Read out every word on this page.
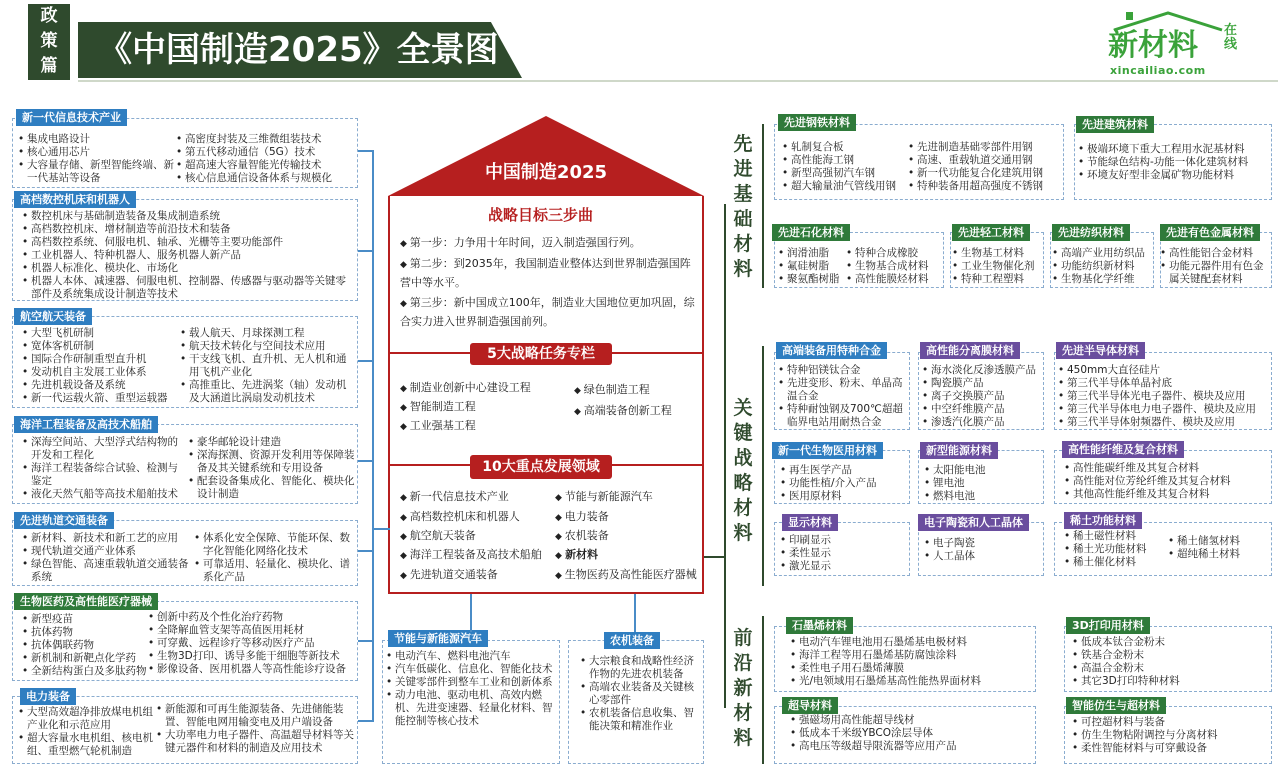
政
策
篇	《中国制造2025》全景图	新材料 在线
xincailiao.com
新一代信息技术产业
• 集成电路设计
• 核心通用芯片
• 大容量存储、新型智能终端、新一代基站等设备
• 高密度封装及三维微组装技术
• 第五代移动通信（5G）技术
• 超高速大容量智能光传输技术
• 核心信息通信设备体系与规模化
高档数控机床和机器人
• 数控机床与基础制造装备及集成制造系统
• 高档数控机床、增材制造等前沿技术和装备
• 高档数控系统、伺服电机、轴承、光栅等主要功能部件
• 工业机器人、特种机器人、服务机器人新产品
• 机器人标准化、模块化、市场化
• 机器人本体、减速器、伺服电机、控制器、传感器与驱动器等关键零部件及系统集成设计制造等技术
航空航天装备
• 大型飞机研制
• 宽体客机研制
• 国际合作研制重型直升机
• 发动机自主发展工业体系
• 先进机载设备及系统
• 新一代运载火箭、重型运载器
• 载人航天、月球探测工程
• 航天技术转化与空间技术应用
• 干支线飞机、直升机、无人机和通用飞机产业化
• 高推重比、先进涡桨（轴）发动机及大涵道比涡扇发动机技术
海洋工程装备及高技术船舶
• 深海空间站、大型浮式结构物的开发和工程化
• 海洋工程装备综合试验、检测与鉴定
• 液化天然气船等高技术船舶技术
• 豪华邮轮设计建造
• 深海探测、资源开发利用等保障装备及其关键系统和专用设备
• 配套设备集成化、智能化、模块化设计制造
先进轨道交通装备
• 新材料、新技术和新工艺的应用
• 现代轨道交通产业体系
• 绿色智能、高速重载轨道交通装备系统
• 体系化安全保障、节能环保、数字化智能化网络化技术
• 可靠适用、轻量化、模块化、谱系化产品
生物医药及高性能医疗器械
• 新型疫苗
• 抗体药物
• 抗体偶联药物
• 新机制和新靶点化学药
• 全新结构蛋白及多肽药物
• 创新中药及个性化治疗药物
• 全降解血管支架等高值医用耗材
• 可穿戴、远程诊疗等移动医疗产品
• 生物3D打印、诱导多能干细胞等新技术
• 影像设备、医用机器人等高性能诊疗设备
电力装备
• 大型高效超净排放煤电机组产业化和示范应用
• 超大容量水电机组、核电机组、重型燃气轮机制造
• 新能源和可再生能源装备、先进储能装置、智能电网用输变电及用户端设备
• 大功率电力电子器件、高温超导材料等关键元器件和材料的制造及应用技术
中国制造2025
战略目标三步曲
◆ 第一步：力争用十年时间，迈入制造强国行列。
◆ 第二步：到2035年，我国制造业整体达到世界制造强国阵营中等水平。
◆ 第三步：新中国成立100年，制造业大国地位更加巩固，综合实力进入世界制造强国前列。
5大战略任务专栏
◆ 制造业创新中心建设工程
◆ 智能制造工程
◆ 工业强基工程
◆ 绿色制造工程
◆ 高端装备创新工程
10大重点发展领域
◆ 新一代信息技术产业
◆ 高档数控机床和机器人
◆ 航空航天装备
◆ 海洋工程装备及高技术船舶
◆ 先进轨道交通装备
◆ 节能与新能源汽车
◆ 电力装备
◆ 农机装备
◆ 新材料
◆ 生物医药及高性能医疗器械
节能与新能源汽车
• 电动汽车、燃料电池汽车
• 汽车低碳化、信息化、智能化技术
• 关键零部件到整车工业和创新体系
• 动力电池、驱动电机、高效内燃机、先进变速器、轻量化材料、智能控制等核心技术
农机装备
• 大宗粮食和战略性经济作物的先进农机装备
• 高端农业装备及关键核心零部件
• 农机装备信息收集、智能决策和精准作业
先进基础材料
关键战略材料
前沿新材料
先进钢铁材料
• 轧制复合板
• 高性能海工钢
• 新型高强韧汽车钢
• 超大输量油气管线用钢
• 先进制造基础零部件用钢
• 高速、重载轨道交通用钢
• 新一代功能复合化建筑用钢
• 特种装备用超高强度不锈钢
先进建筑材料
• 极端环境下重大工程用水泥基材料
• 节能绿色结构-功能一体化建筑材料
• 环境友好型非金属矿物功能材料
先进石化材料
• 润滑油脂
• 氟硅树脂
• 聚氨酯树脂
• 特种合成橡胶
• 生物基合成材料
• 高性能膜烃材料
先进轻工材料
• 生物基工材料
• 工业生物催化剂
• 特种工程塑料
先进纺织材料
• 高端产业用纺织品
• 功能纺织新材料
• 生物基化学纤维
先进有色金属材料
• 高性能铝合金材料
• 功能元器件用有色金属关键配套材料
高端装备用特种合金
• 特种铝镁钛合金
• 先进变形、粉末、单晶高温合金
• 特种耐蚀钢及700℃超超临界电站用耐热合金
高性能分离膜材料
• 海水淡化反渗透膜产品
• 陶瓷膜产品
• 离子交换膜产品
• 中空纤维膜产品
• 渗透汽化膜产品
先进半导体材料
• 450mm大直径硅片
• 第三代半导体单晶衬底
• 第三代半导体光电子器件、模块及应用
• 第三代半导体电力电子器件、模块及应用
• 第三代半导体射频器件、模块及应用
新一代生物医用材料
• 再生医学产品
• 功能性植/介入产品
• 医用原材料
新型能源材料
• 太阳能电池
• 锂电池
• 燃料电池
高性能纤维及复合材料
• 高性能碳纤维及其复合材料
• 高性能对位芳纶纤维及其复合材料
• 其他高性能纤维及其复合材料
显示材料
• 印刷显示
• 柔性显示
• 激光显示
电子陶瓷和人工晶体
• 电子陶瓷
• 人工晶体
稀土功能材料
• 稀土磁性材料
• 稀土光功能材料
• 稀土催化材料
• 稀土储氢材料
• 超纯稀土材料
石墨烯材料
• 电动汽车锂电池用石墨烯基电极材料
• 海洋工程等用石墨烯基防腐蚀涂料
• 柔性电子用石墨烯薄膜
• 光/电领域用石墨烯基高性能热界面材料
3D打印用材料
• 低成本钛合金粉末
• 铁基合金粉末
• 高温合金粉末
• 其它3D打印特种材料
超导材料
• 强磁场用高性能超导线材
• 低成本千米级YBCO涂层导体
• 高电压等级超导限流器等应用产品
智能仿生与超材料
• 可控超材料与装备
• 仿生生物粘附调控与分离材料
• 柔性智能材料与可穿戴设备
